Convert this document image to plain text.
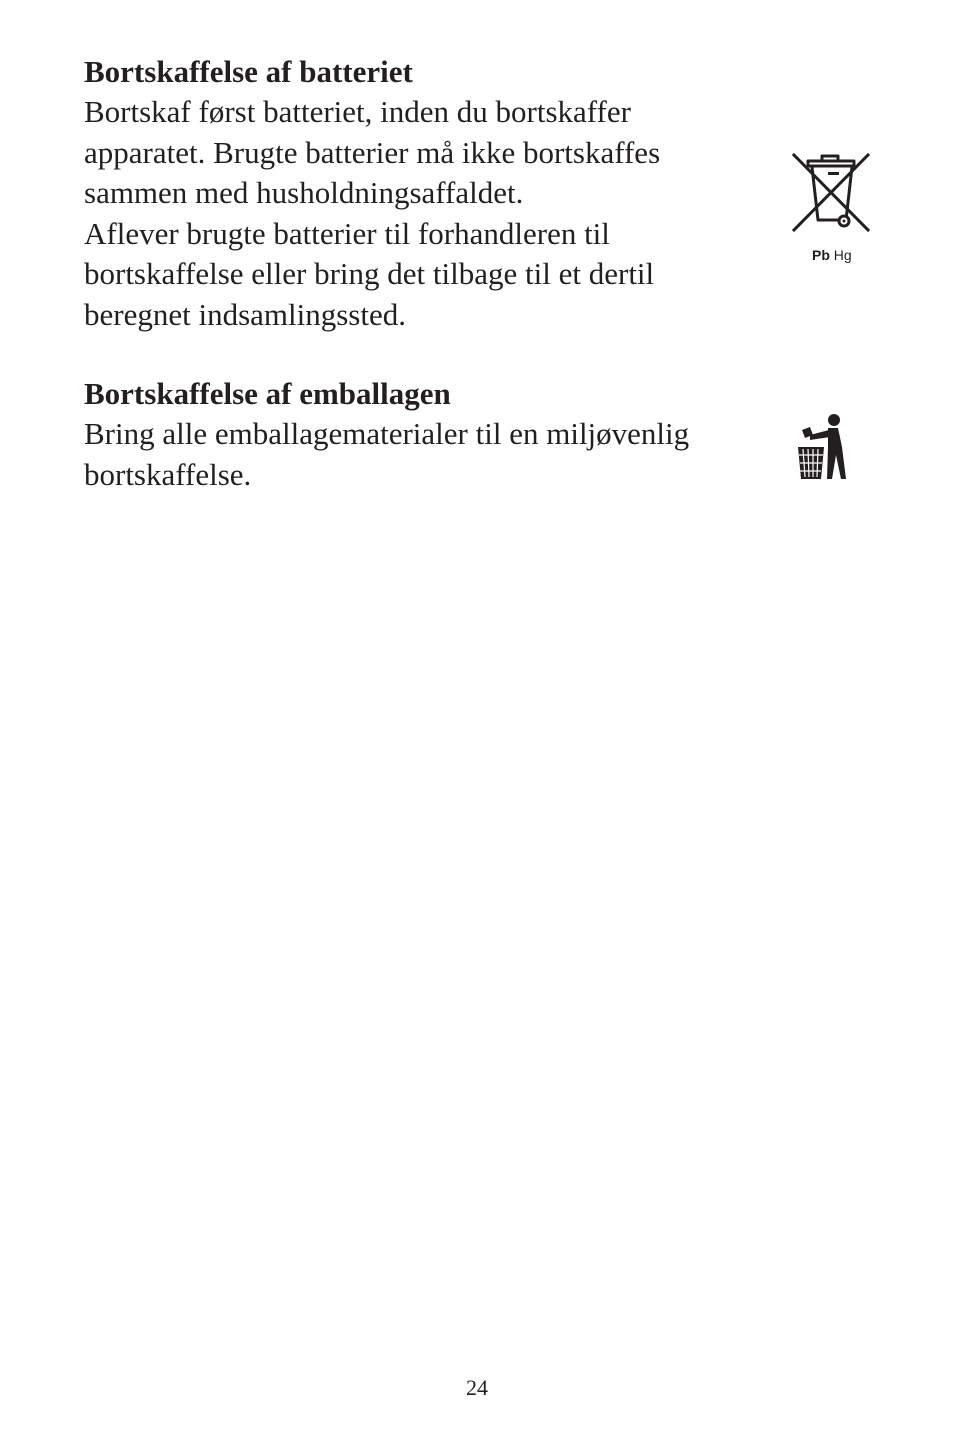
Bortskaffelse af batteriet
Bortskaf først batteriet, inden du bortskaffer
apparatet. Brugte batterier må ikke bortskaffes
sammen med husholdningsaffaldet.
Aflever brugte batterier til forhandleren til
bortskaffelse eller bring det tilbage til et dertil
beregnet indsamlingssted.
Pb Hg
Bortskaffelse af emballagen
Bring alle emballagematerialer til en miljøvenlig
bortskaffelse.
24
